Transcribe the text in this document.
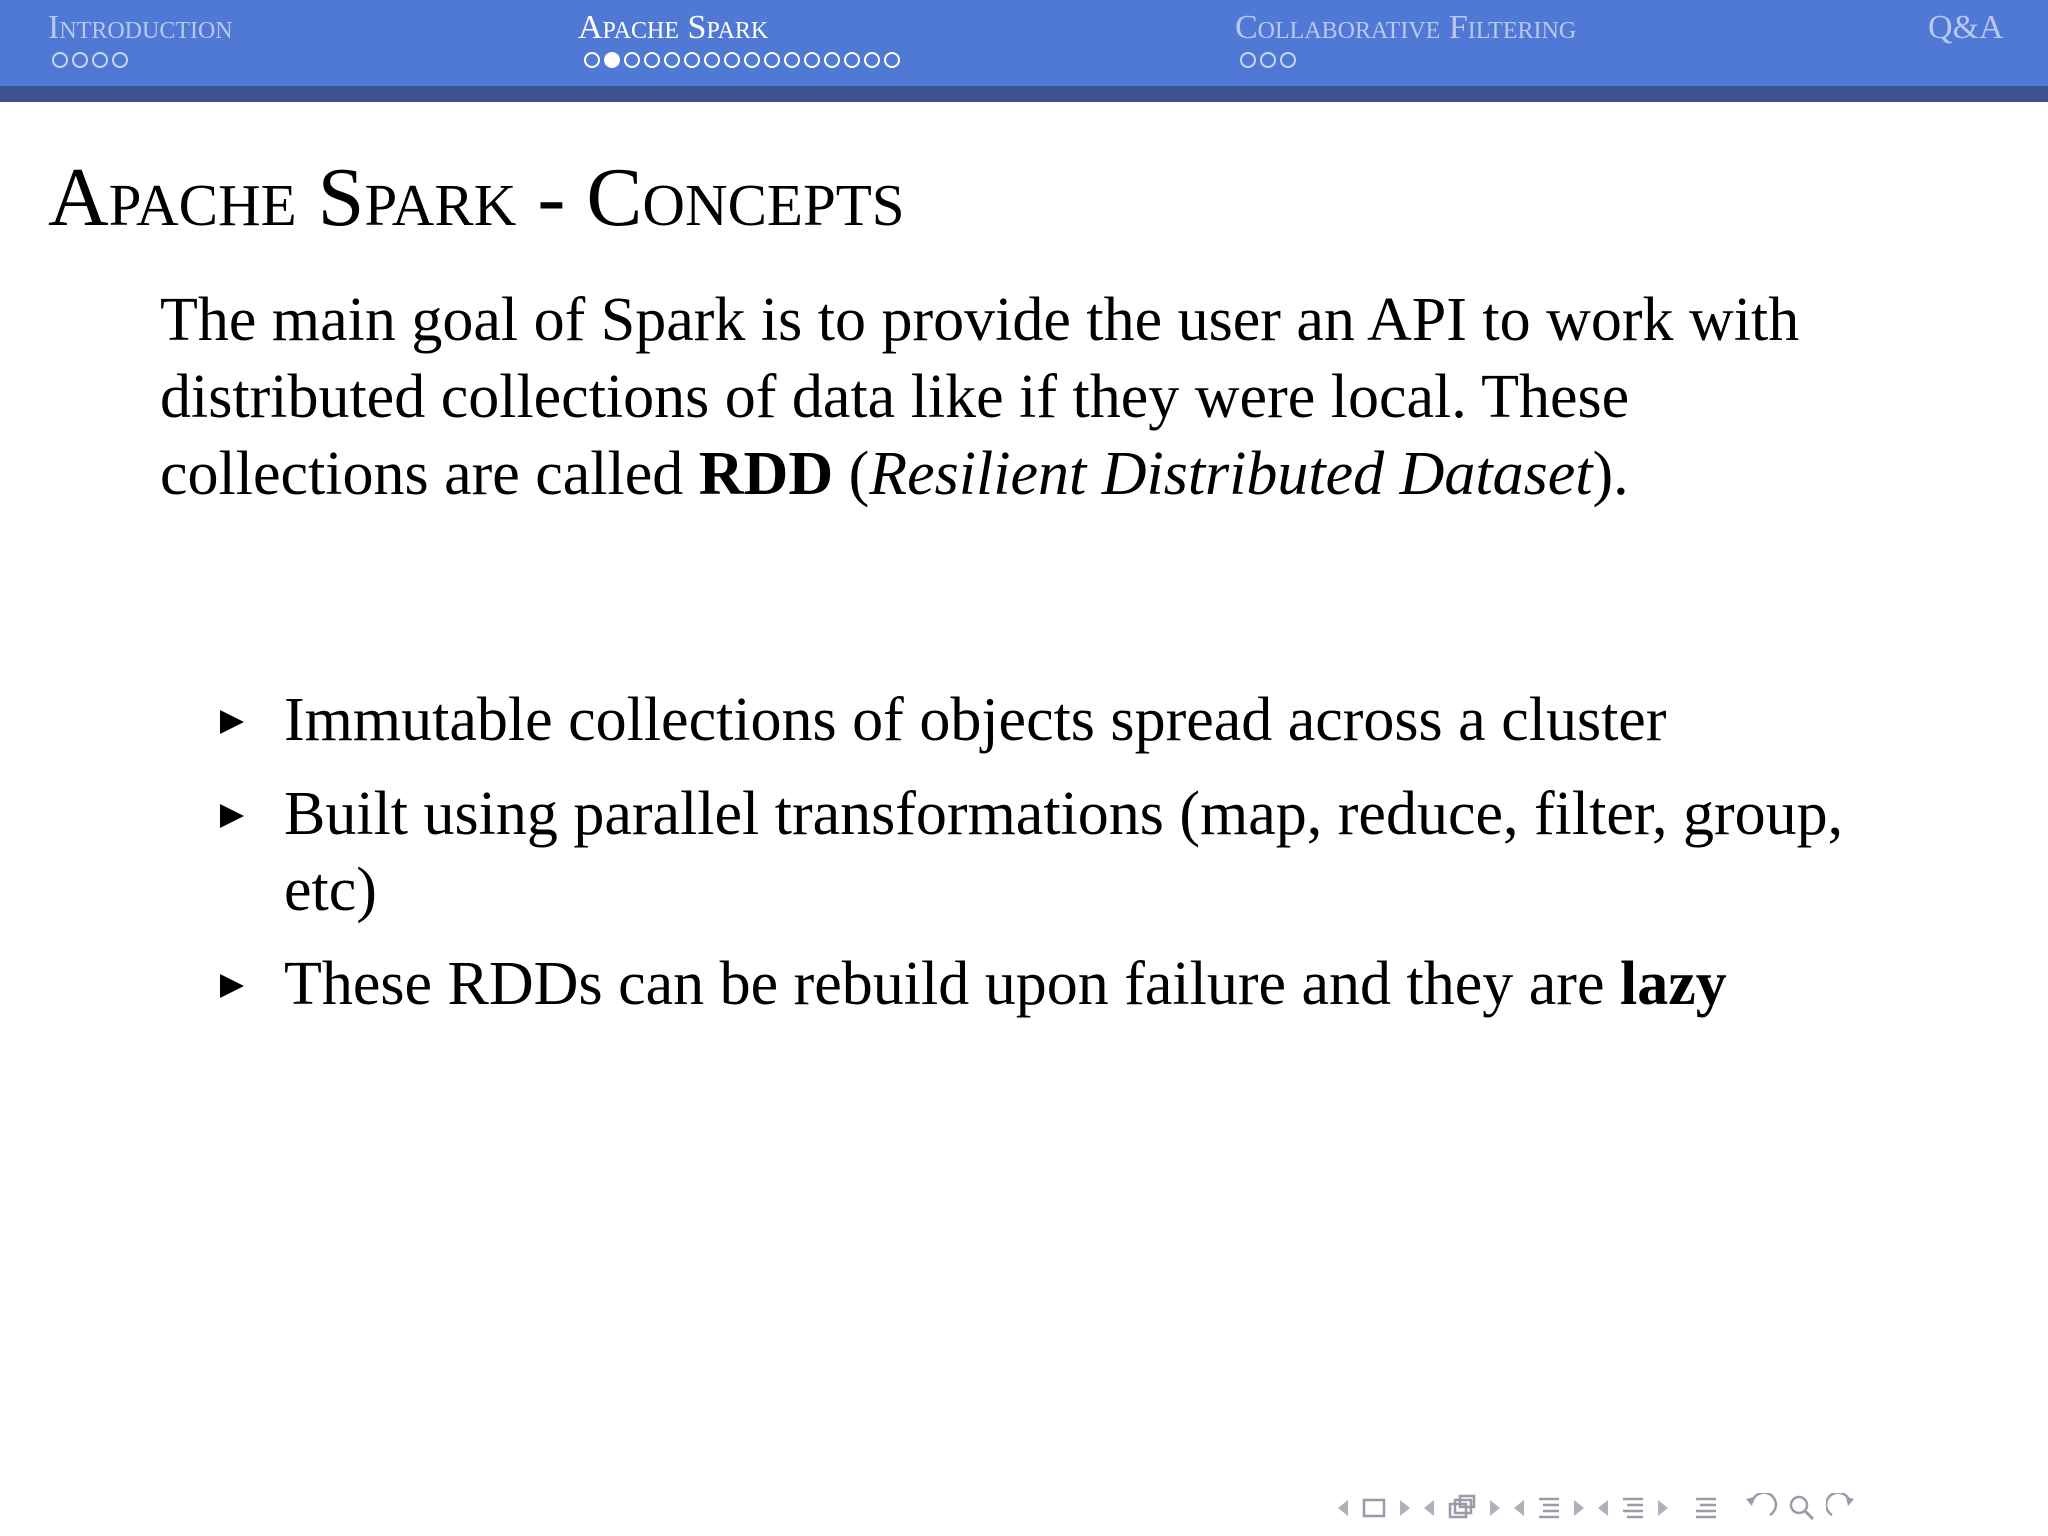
Introduction	Apache Spark	Collaborative Filtering	Q&A
Apache Spark - Concepts

The main goal of Spark is to provide the user an API to work with distributed collections of data like if they were local. These collections are called RDD (Resilient Distributed Dataset).

Immutable collections of objects spread across a cluster
Built using parallel transformations (map, reduce, filter, group, etc)
These RDDs can be rebuild upon failure and they are lazy
